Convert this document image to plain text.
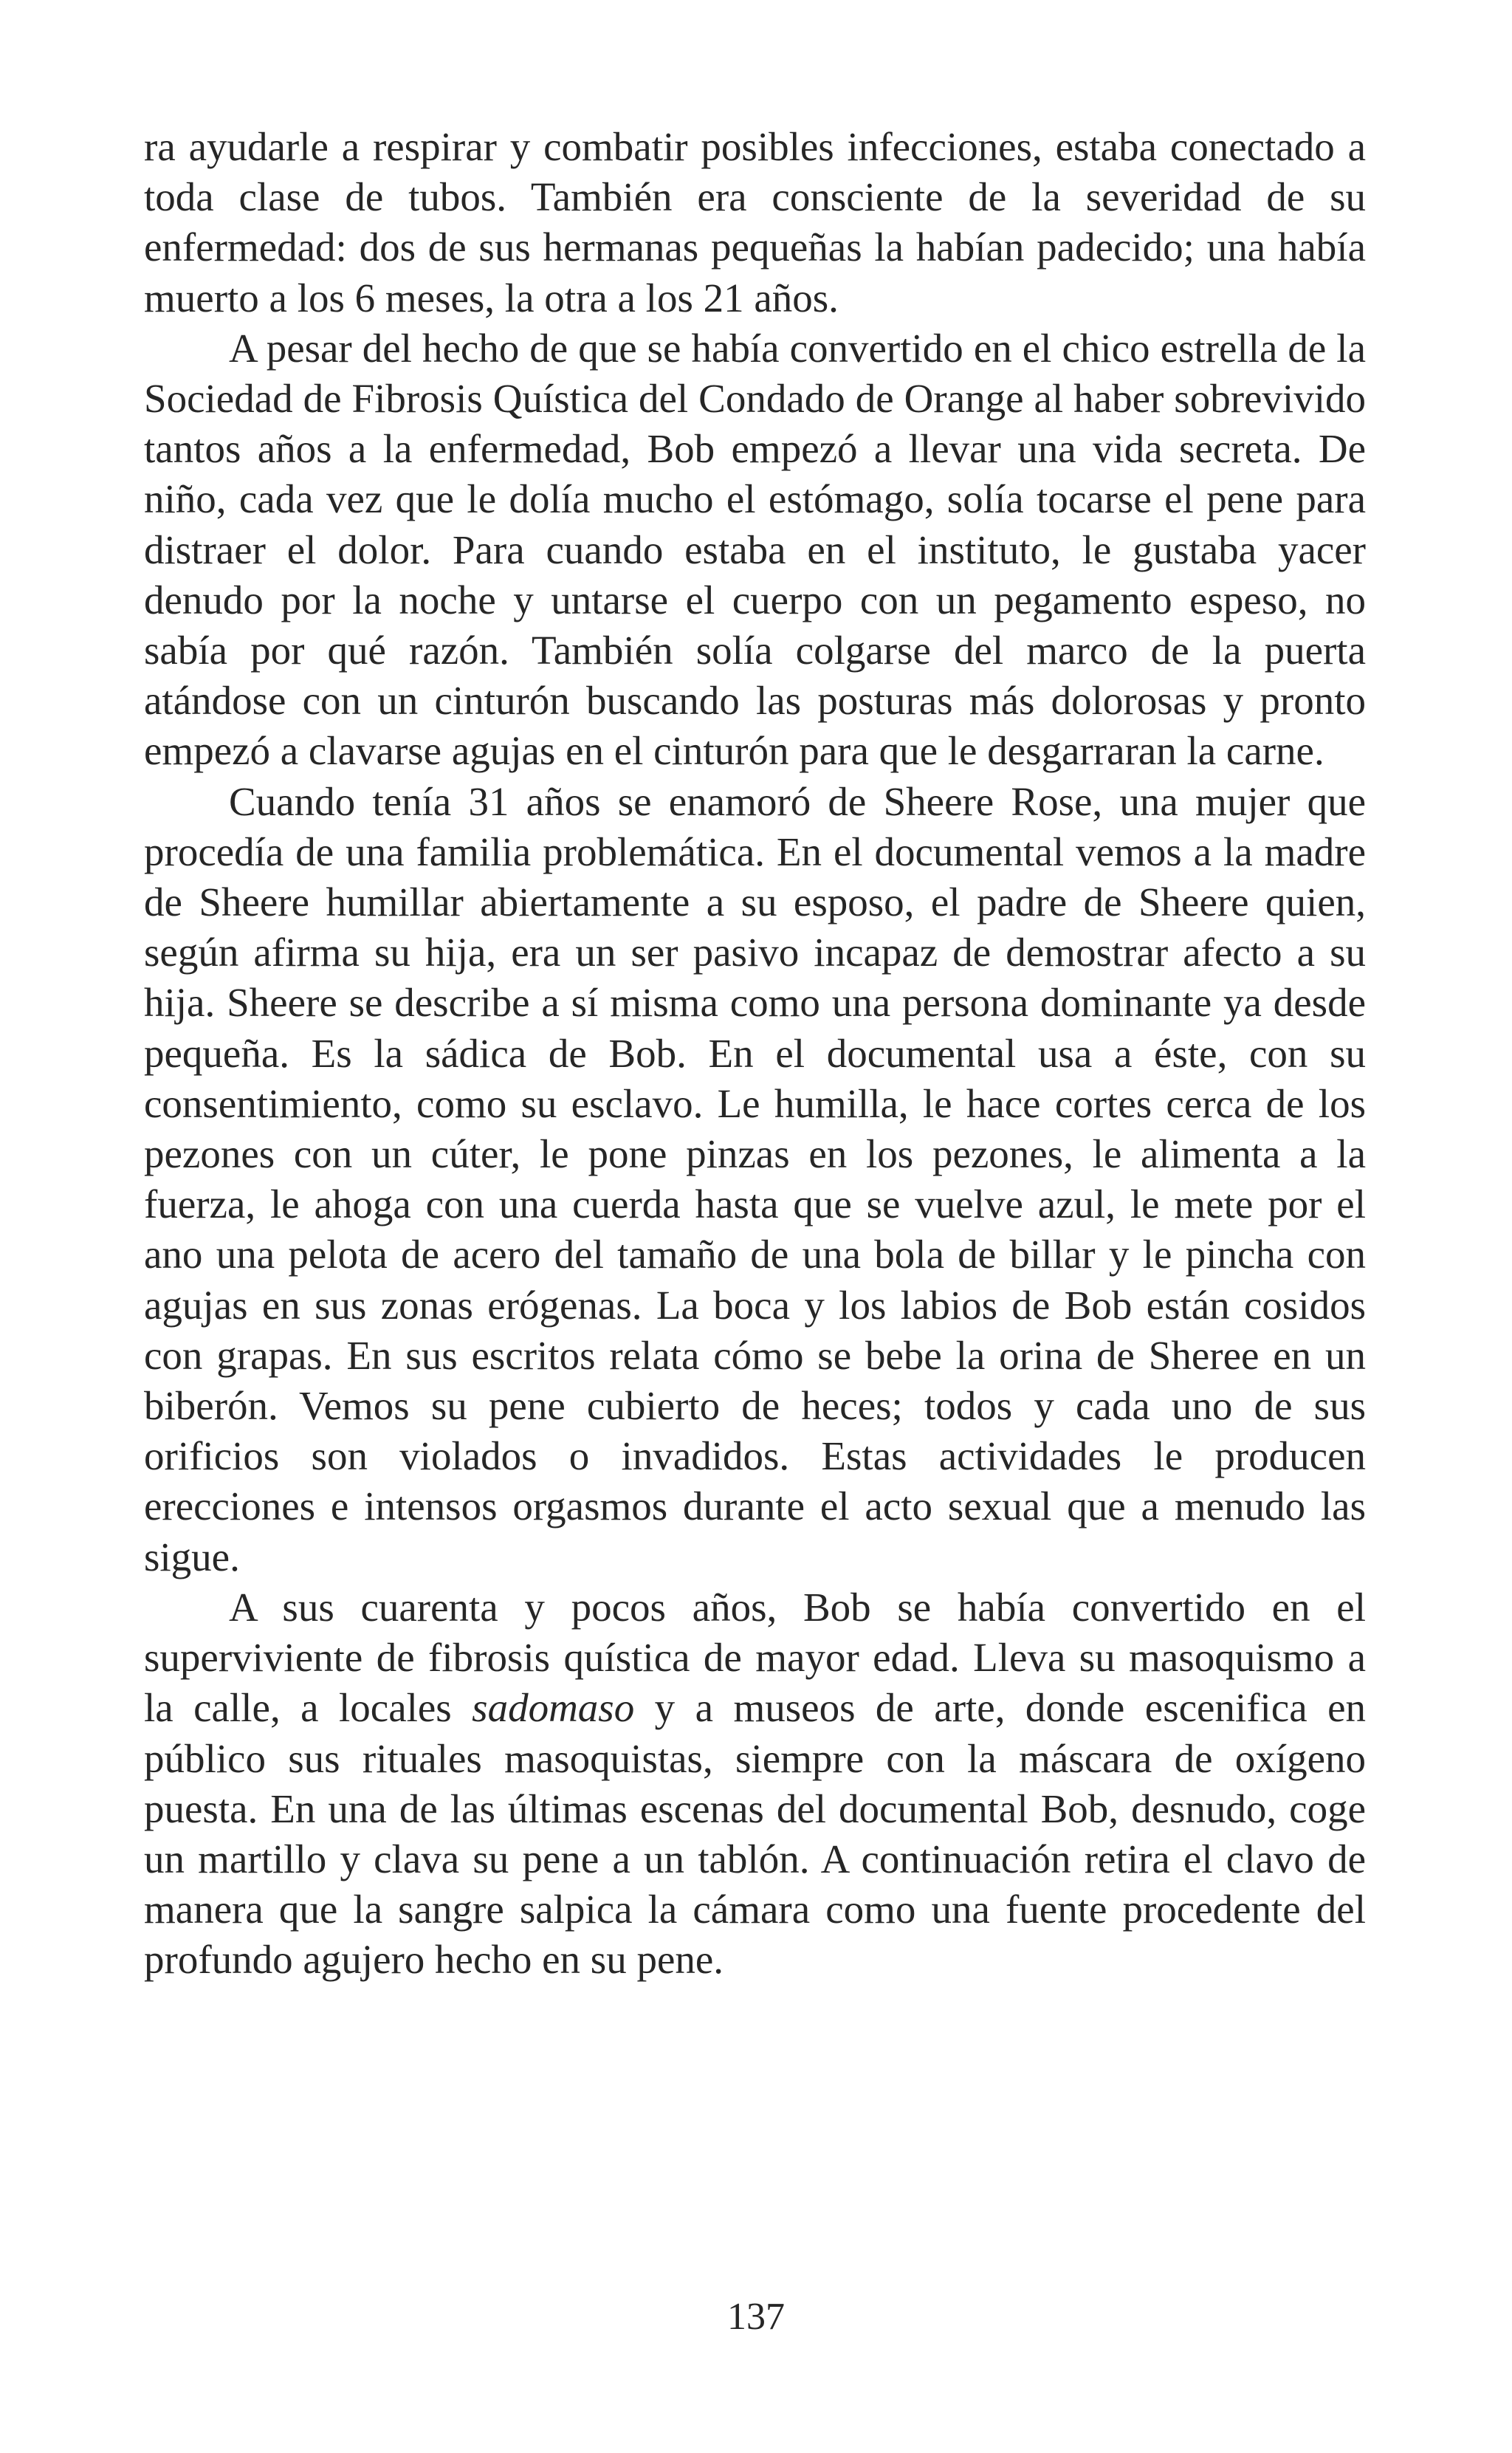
ra ayudarle a respirar y combatir posibles infecciones, estaba conectado a toda clase de tubos. También era consciente de la severidad de su enfermedad: dos de sus hermanas pequeñas la habían padecido; una había muerto a los 6 meses, la otra a los 21 años.

A pesar del hecho de que se había convertido en el chico estrella de la Sociedad de Fibrosis Quística del Condado de Orange al haber sobrevivido tantos años a la enfermedad, Bob empezó a llevar una vida secreta. De niño, cada vez que le dolía mucho el estómago, solía tocarse el pene para distraer el dolor. Para cuando estaba en el instituto, le gustaba yacer denudo por la noche y untarse el cuerpo con un pegamento espeso, no sabía por qué razón. También solía colgarse del marco de la puerta atándose con un cinturón buscando las posturas más dolorosas y pronto empezó a clavarse agujas en el cinturón para que le desgarraran la carne.

Cuando tenía 31 años se enamoró de Sheere Rose, una mujer que procedía de una familia problemática. En el documental vemos a la madre de Sheere humillar abiertamente a su esposo, el padre de Sheere quien, según afirma su hija, era un ser pasivo incapaz de demostrar afecto a su hija. Sheere se describe a sí misma como una persona dominante ya desde pequeña. Es la sádica de Bob. En el documental usa a éste, con su consentimiento, como su esclavo. Le humilla, le hace cortes cerca de los pezones con un cúter, le pone pinzas en los pezones, le alimenta a la fuerza, le ahoga con una cuerda hasta que se vuelve azul, le mete por el ano una pelota de acero del tamaño de una bola de billar y le pincha con agujas en sus zonas erógenas. La boca y los labios de Bob están cosidos con grapas. En sus escritos relata cómo se bebe la orina de Sheree en un biberón. Vemos su pene cubierto de heces; todos y cada uno de sus orificios son violados o invadidos. Estas actividades le producen erecciones e intensos orgasmos durante el acto sexual que a menudo las sigue.

A sus cuarenta y pocos años, Bob se había convertido en el superviviente de fibrosis quística de mayor edad. Lleva su masoquismo a la calle, a locales sadomaso y a museos de arte, donde escenifica en público sus rituales masoquistas, siempre con la máscara de oxígeno puesta. En una de las últimas escenas del documental Bob, desnudo, coge un martillo y clava su pene a un tablón. A continuación retira el clavo de manera que la sangre salpica la cámara como una fuente procedente del profundo agujero hecho en su pene.

137
